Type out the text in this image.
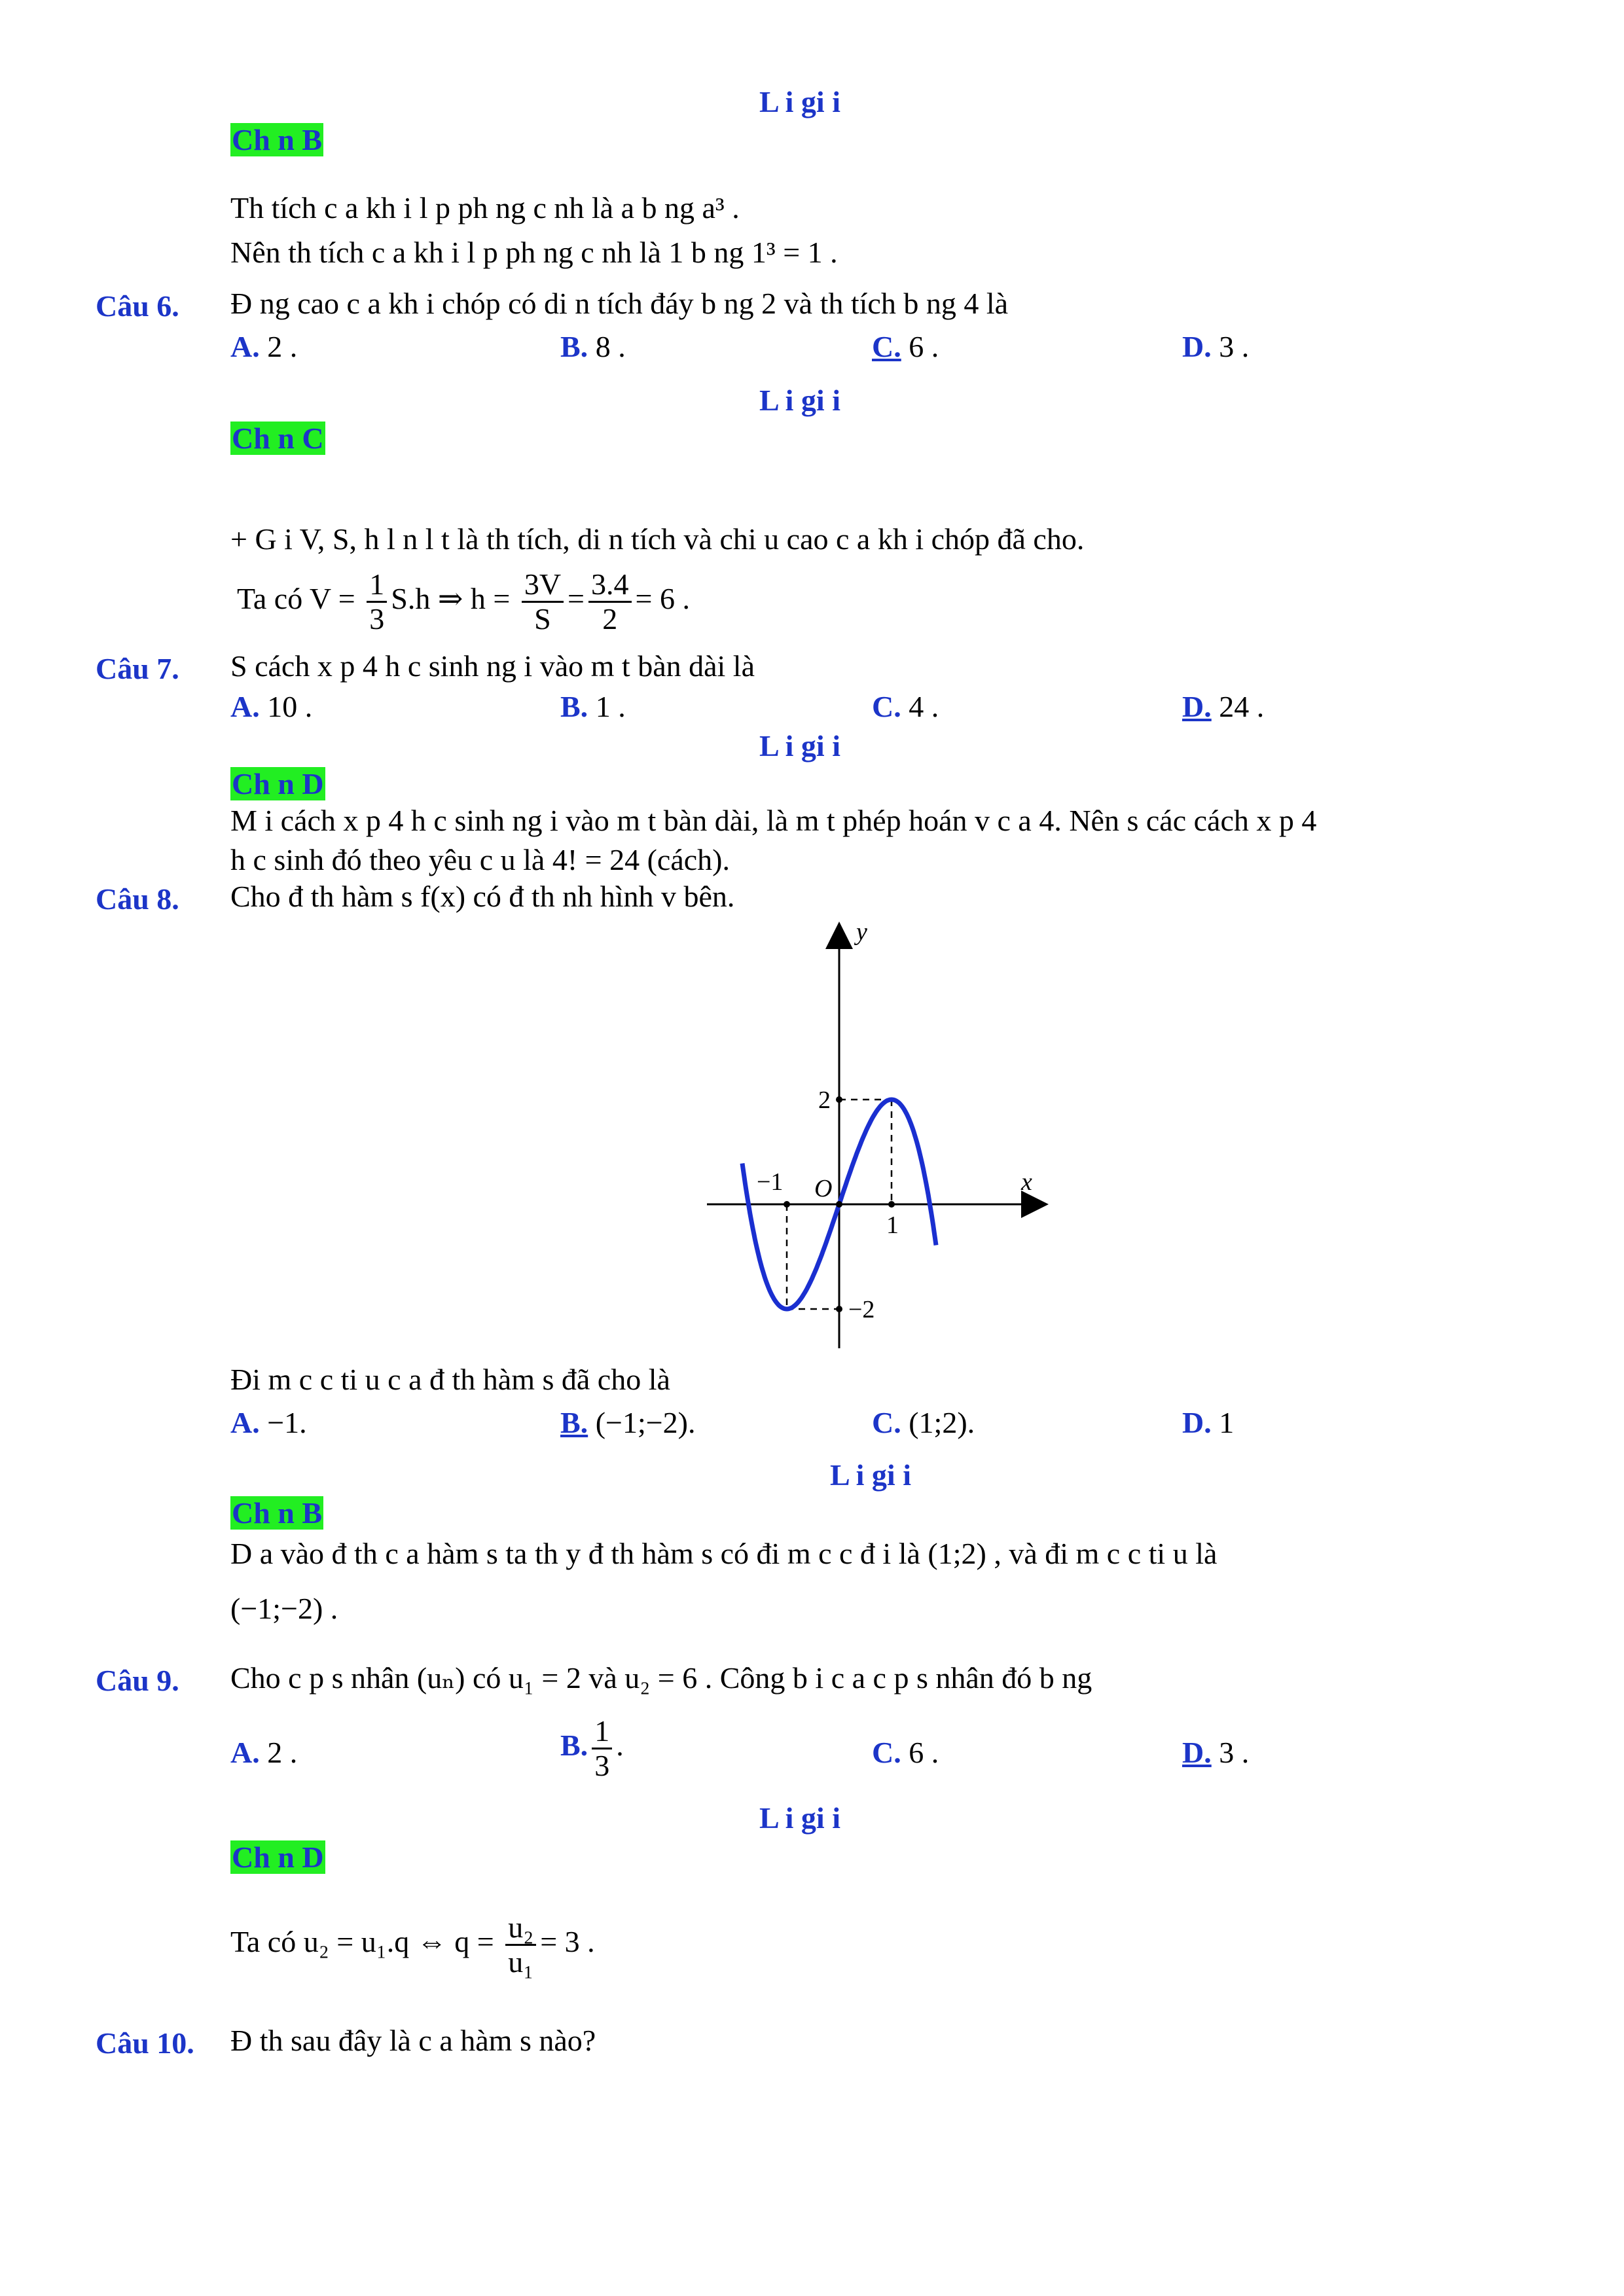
L i gi i
Ch n B
Th tích c a kh i l p ph ng c nh là a b ng a³ .
Nên th tích c a kh i l p ph ng c nh là 1 b ng 1³ = 1 .
Câu 6. Đ ng cao c a kh i chóp có di n tích đáy b ng 2 và th tích b ng 4 là
A. 2 .	B. 8 .	C. 6 .	D. 3 .
L i gi i
Ch n C
+ G i V, S, h l n l t là th tích, di n tích và chi u cao c a kh i chóp đã cho.
Ta có $V = \frac{1}{3} S.h$ ⇒ $h = \frac{3V}{S} = \frac{3.4}{2} = 6$ .
Câu 7. S cách x p 4 h c sinh ng i vào m t bàn dài là
A. 10 .	B. 1 .	C. 4 .	D. 24 .
L i gi i
Ch n D
M i cách x p 4 h c sinh ng i vào m t bàn dài, là m t phép hoán v c a 4. Nên s các cách x p 4
h c sinh đó theo yêu c u là 4! = 24 (cách).
Câu 8. Cho đ th hàm s f(x) có đ th nh hình v bên.
y
x
O
2
−1
1
−2
Đi m c c ti u c a đ th hàm s đã cho là
A. −1.	B. (−1;−2).	C. (1;2).	D. 1
L i gi i
Ch n B
D a vào đ th c a hàm s ta th y đ th hàm s có đi m c c đ i là (1;2) , và đi m c c ti u là
(−1;−2) .
Câu 9. Cho c p s nhân (uₙ) có u₁ = 2 và u₂ = 6 . Công b i c a c p s nhân đó b ng
A. 2 .	B. $\frac{1}{3}$ .	C. 6 .	D. 3 .
L i gi i
Ch n D
Ta có u₂ = u₁.q ⇔ $q = \frac{\text{u₂}}{\text{u₁}} = 3$ .
Câu 10. Đ th sau đây là c a hàm s nào?
